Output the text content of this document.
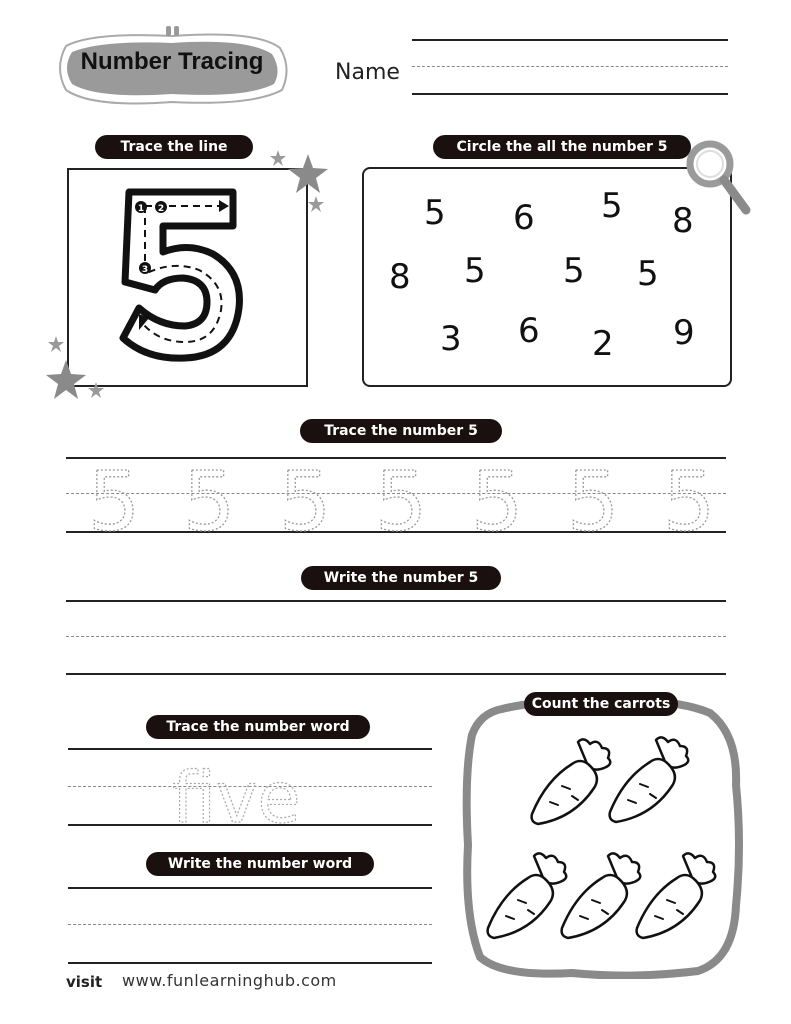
Number Tracing	Name
Trace the line
1 2
3
Circle the all the number 5
5 6 5 8
8 5 5 5
3 6 2 9
Trace the number 5
5 5 5 5 5 5 5
Write the number 5
Trace the number word
five
Write the number word
Count the carrots
visit www.funlearninghub.com
